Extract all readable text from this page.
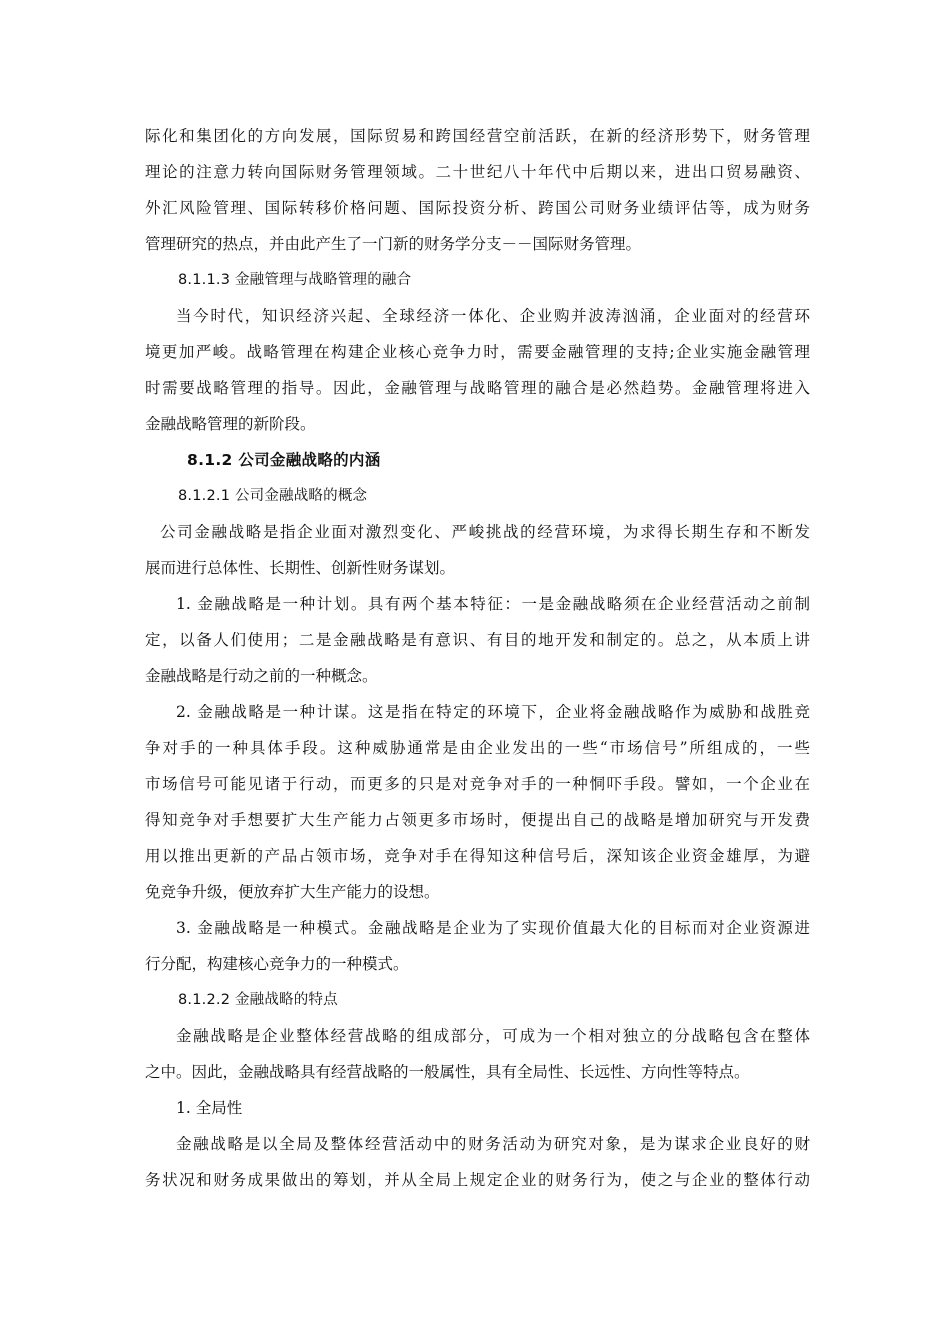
际化和集团化的方向发展，国际贸易和跨国经营空前活跃，在新的经济形势下，财务管理
理论的注意力转向国际财务管理领域。二十世纪八十年代中后期以来，进出口贸易融资、
外汇风险管理、国际转移价格问题、国际投资分析、跨国公司财务业绩评估等，成为财务
管理研究的热点，并由此产生了一门新的财务学分支－－国际财务管理。
8.1.1.3 金融管理与战略管理的融合
当今时代，知识经济兴起、全球经济一体化、企业购并波涛汹涌，企业面对的经营环
境更加严峻。战略管理在构建企业核心竞争力时，需要金融管理的支持;企业实施金融管理
时需要战略管理的指导。因此，金融管理与战略管理的融合是必然趋势。金融管理将进入
金融战略管理的新阶段。
8.1.2 公司金融战略的内涵
8.1.2.1 公司金融战略的概念
公司金融战略是指企业面对激烈变化、严峻挑战的经营环境，为求得长期生存和不断发
展而进行总体性、长期性、创新性财务谋划。
1. 金融战略是一种计划。具有两个基本特征：一是金融战略须在企业经营活动之前制
定，以备人们使用；二是金融战略是有意识、有目的地开发和制定的。总之，从本质上讲
金融战略是行动之前的一种概念。
2. 金融战略是一种计谋。这是指在特定的环境下，企业将金融战略作为威胁和战胜竞
争对手的一种具体手段。这种威胁通常是由企业发出的一些“市场信号”所组成的，一些
市场信号可能见诸于行动，而更多的只是对竞争对手的一种恫吓手段。譬如，一个企业在
得知竞争对手想要扩大生产能力占领更多市场时，便提出自己的战略是增加研究与开发费
用以推出更新的产品占领市场，竞争对手在得知这种信号后，深知该企业资金雄厚，为避
免竞争升级，便放弃扩大生产能力的设想。
3. 金融战略是一种模式。金融战略是企业为了实现价值最大化的目标而对企业资源进
行分配，构建核心竞争力的一种模式。
8.1.2.2 金融战略的特点
金融战略是企业整体经营战略的组成部分，可成为一个相对独立的分战略包含在整体
之中。因此，金融战略具有经营战略的一般属性，具有全局性、长远性、方向性等特点。
1. 全局性
金融战略是以全局及整体经营活动中的财务活动为研究对象，是为谋求企业良好的财
务状况和财务成果做出的筹划，并从全局上规定企业的财务行为，使之与企业的整体行动
